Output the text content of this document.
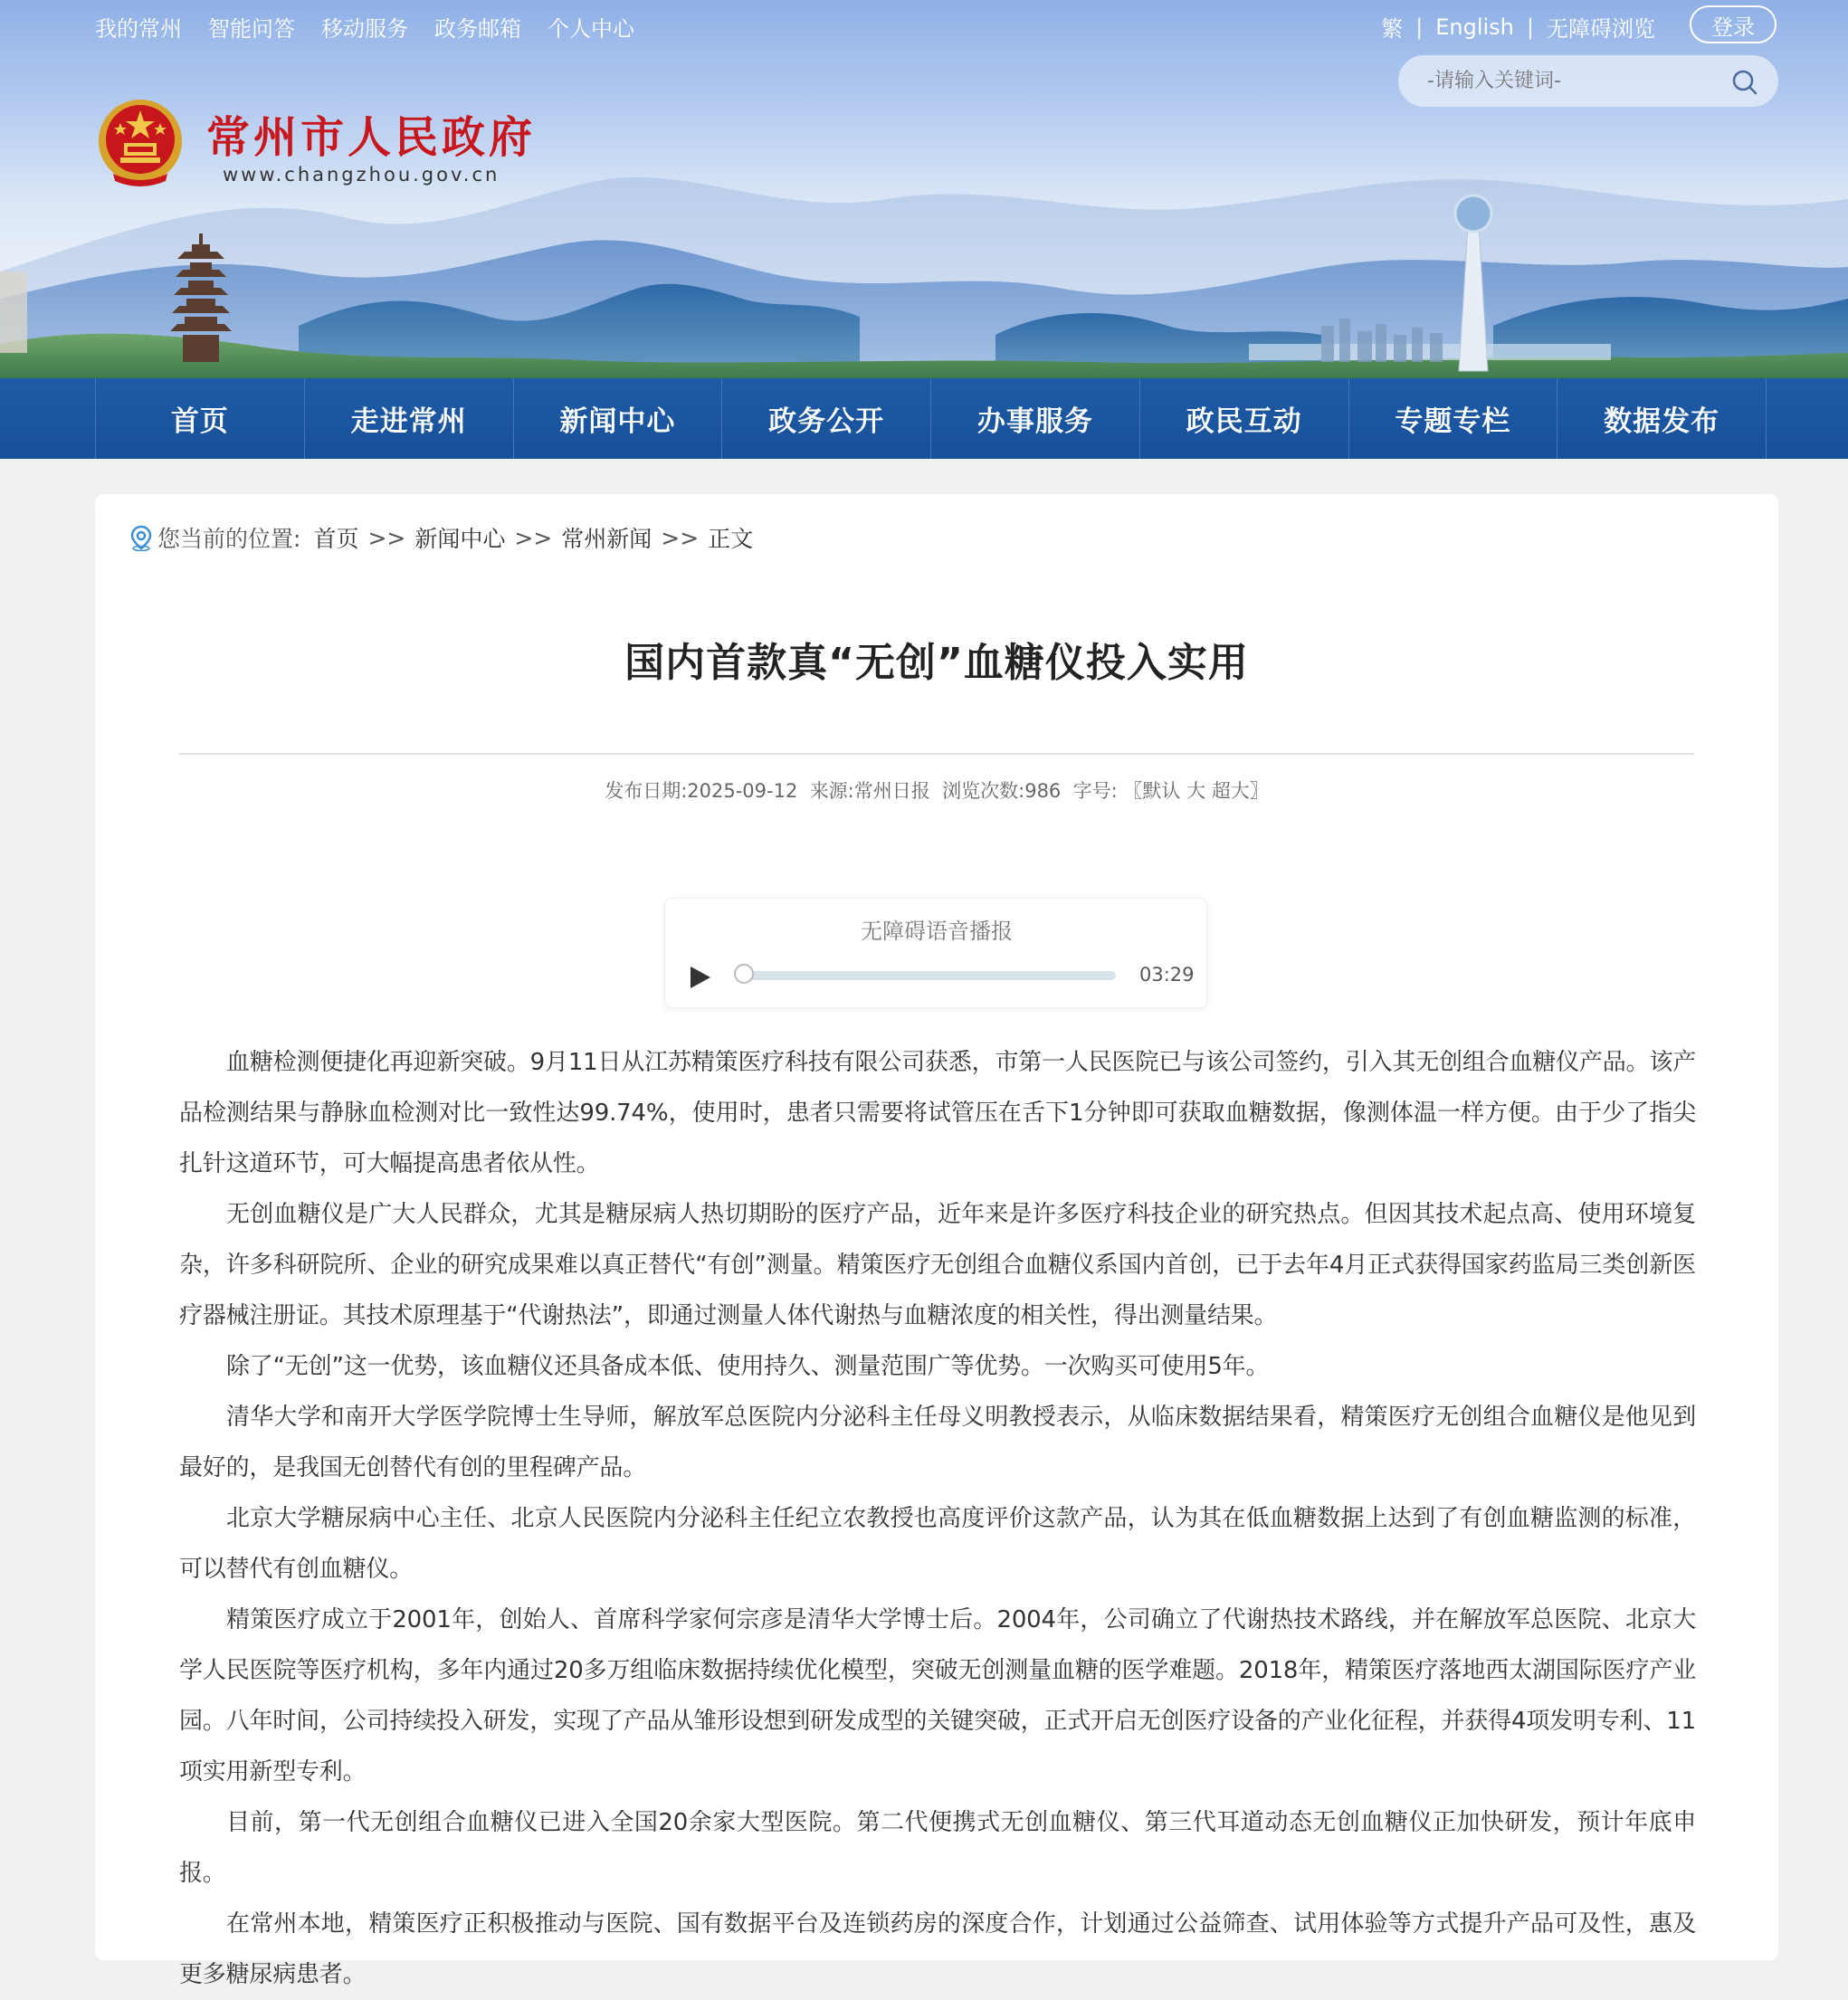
我的常州 智能问答 移动服务 政务邮箱 个人中心	繁 | English | 无障碍浏览	登录
-请输入关键词-
常州市人民政府
www.changzhou.gov.cn
首页	走进常州	新闻中心	政务公开	办事服务	政民互动	专题专栏	数据发布
您当前的位置: 首页 >> 新闻中心 >> 常州新闻 >> 正文
国内首款真“无创”血糖仪投入实用
发布日期:2025-09-12 来源:常州日报 浏览次数:986 字号: 〖默认 大 超大〗
无障碍语音播报
03:29

血糖检测便捷化再迎新突破。9月11日从江苏精策医疗科技有限公司获悉，市第一人民医院已与该公司签约，引入其无创组合血糖仪产品。该产品检测结果与静脉血检测对比一致性达99.74%，使用时，患者只需要将试管压在舌下1分钟即可获取血糖数据，像测体温一样方便。由于少了指尖扎针这道环节，可大幅提高患者依从性。

无创血糖仪是广大人民群众，尤其是糖尿病人热切期盼的医疗产品，近年来是许多医疗科技企业的研究热点。但因其技术起点高、使用环境复杂，许多科研院所、企业的研究成果难以真正替代“有创”测量。精策医疗无创组合血糖仪系国内首创，已于去年4月正式获得国家药监局三类创新医疗器械注册证。其技术原理基于“代谢热法”，即通过测量人体代谢热与血糖浓度的相关性，得出测量结果。

除了“无创”这一优势，该血糖仪还具备成本低、使用持久、测量范围广等优势。一次购买可使用5年。

清华大学和南开大学医学院博士生导师，解放军总医院内分泌科主任母义明教授表示，从临床数据结果看，精策医疗无创组合血糖仪是他见到最好的，是我国无创替代有创的里程碑产品。

北京大学糖尿病中心主任、北京人民医院内分泌科主任纪立农教授也高度评价这款产品，认为其在低血糖数据上达到了有创血糖监测的标准，可以替代有创血糖仪。

精策医疗成立于2001年，创始人、首席科学家何宗彦是清华大学博士后。2004年，公司确立了代谢热技术路线，并在解放军总医院、北京大学人民医院等医疗机构，多年内通过20多万组临床数据持续优化模型，突破无创测量血糖的医学难题。2018年，精策医疗落地西太湖国际医疗产业园。八年时间，公司持续投入研发，实现了产品从雏形设想到研发成型的关键突破，正式开启无创医疗设备的产业化征程，并获得4项发明专利、11项实用新型专利。

目前，第一代无创组合血糖仪已进入全国20余家大型医院。第二代便携式无创血糖仪、第三代耳道动态无创血糖仪正加快研发，预计年底申报。

在常州本地，精策医疗正积极推动与医院、国有数据平台及连锁药房的深度合作，计划通过公益筛查、试用体验等方式提升产品可及性，惠及更多糖尿病患者。
